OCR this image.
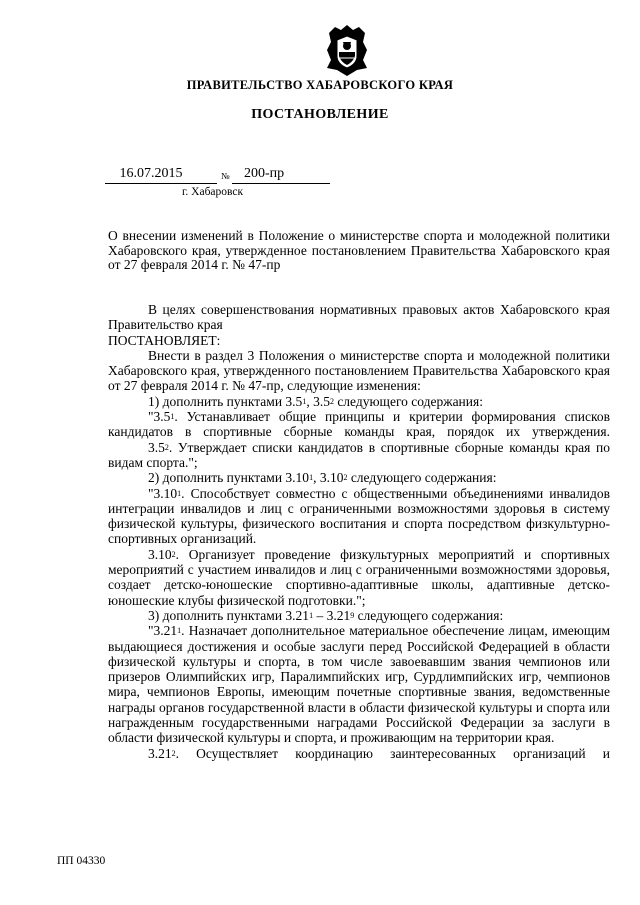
ПРАВИТЕЛЬСТВО ХАБАРОВСКОГО КРАЯ
ПОСТАНОВЛЕНИЕ
16.07.2015	№ 200-пр
г. Хабаровск
О внесении изменений в Положение о министерстве спорта и молодежной политики Хабаровского края, утвержденное постановлением Правительства Хабаровского края от 27 февраля 2014 г. № 47-пр

В целях совершенствования нормативных правовых актов Хабаровского края Правительство края

ПОСТАНОВЛЯЕТ:

Внести в раздел 3 Положения о министерстве спорта и молодежной политики Хабаровского края, утвержденного постановлением Правительства Хабаровского края от 27 февраля 2014 г. № 47-пр, следующие изменения:

1) дополнить пунктами $3.5^1$, $3.5^2$ следующего содержания:

"$3.5^1$. Устанавливает общие принципы и критерии формирования списков кандидатов в спортивные сборные команды края, порядок их утверждения.

$3.5^2$. Утверждает списки кандидатов в спортивные сборные команды края по видам спорта.";

2) дополнить пунктами 3.10$^1$, 3.10$^2$ следующего содержания:

"3.10$^1$. Способствует совместно с общественными объединениями инвалидов интеграции инвалидов и лиц с ограниченными возможностями здоровья в систему физической культуры, физического воспитания и спорта посредством физкультурно-спортивных организаций.

3.10$^2$. Организует проведение физкультурных мероприятий и спортивных мероприятий с участием инвалидов и лиц с ограниченными возможностями здоровья, создает детско-юношеские спортивно-адаптивные школы, адаптивные детско-юношеские клубы физической подготовки.";

3) дополнить пунктами 3.21$^1$ – 3.21$^9$ следующего содержания:

"3.21$^1$. Назначает дополнительное материальное обеспечение лицам, имеющим выдающиеся достижения и особые заслуги перед Российской Федерацией в области физической культуры и спорта, в том числе завоевавшим звания чемпионов или призеров Олимпийских игр, Паралимпийских игр, Сурдлимпийских игр, чемпионов мира, чемпионов Европы, имеющим почетные спортивные звания, ведомственные награды органов государственной власти в области физической культуры и спорта или награжденным государственными наградами Российской Федерации за заслуги в области физической культуры и спорта, и проживающим на территории края.

3.21$^2$. Осуществляет координацию заинтересованных организаций и

ПП 04330
